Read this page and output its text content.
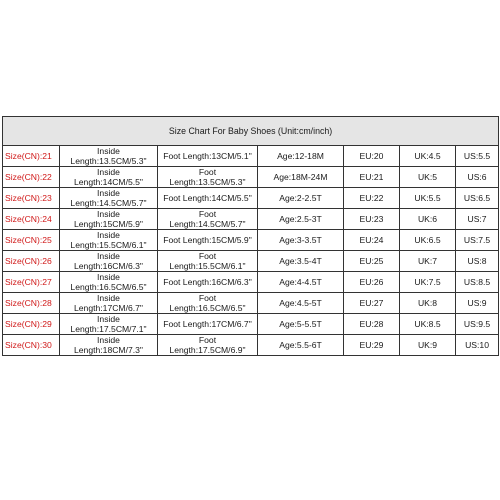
Size Chart For Baby Shoes (Unit:cm/inch)						
Size(CN):21	Inside Length:13.5CM/5.3"	Foot Length:13CM/5.1"	Age:12-18M	EU:20	UK:4.5	US:5.5
Size(CN):22	Inside Length:14CM/5.5"	Foot Length:13.5CM/5.3"	Age:18M-24M	EU:21	UK:5	US:6
Size(CN):23	Inside Length:14.5CM/5.7"	Foot Length:14CM/5.5"	Age:2-2.5T	EU:22	UK:5.5	US:6.5
Size(CN):24	Inside Length:15CM/5.9"	Foot Length:14.5CM/5.7"	Age:2.5-3T	EU:23	UK:6	US:7
Size(CN):25	Inside Length:15.5CM/6.1"	Foot Length:15CM/5.9"	Age:3-3.5T	EU:24	UK:6.5	US:7.5
Size(CN):26	Inside Length:16CM/6.3"	Foot Length:15.5CM/6.1"	Age:3.5-4T	EU:25	UK:7	US:8
Size(CN):27	Inside Length:16.5CM/6.5"	Foot Length:16CM/6.3"	Age:4-4.5T	EU:26	UK:7.5	US:8.5
Size(CN):28	Inside Length:17CM/6.7"	Foot Length:16.5CM/6.5"	Age:4.5-5T	EU:27	UK:8	US:9
Size(CN):29	Inside Length:17.5CM/7.1"	Foot Length:17CM/6.7"	Age:5-5.5T	EU:28	UK:8.5	US:9.5
Size(CN):30	Inside Length:18CM/7.3"	Foot Length:17.5CM/6.9"	Age:5.5-6T	EU:29	UK:9	US:10
